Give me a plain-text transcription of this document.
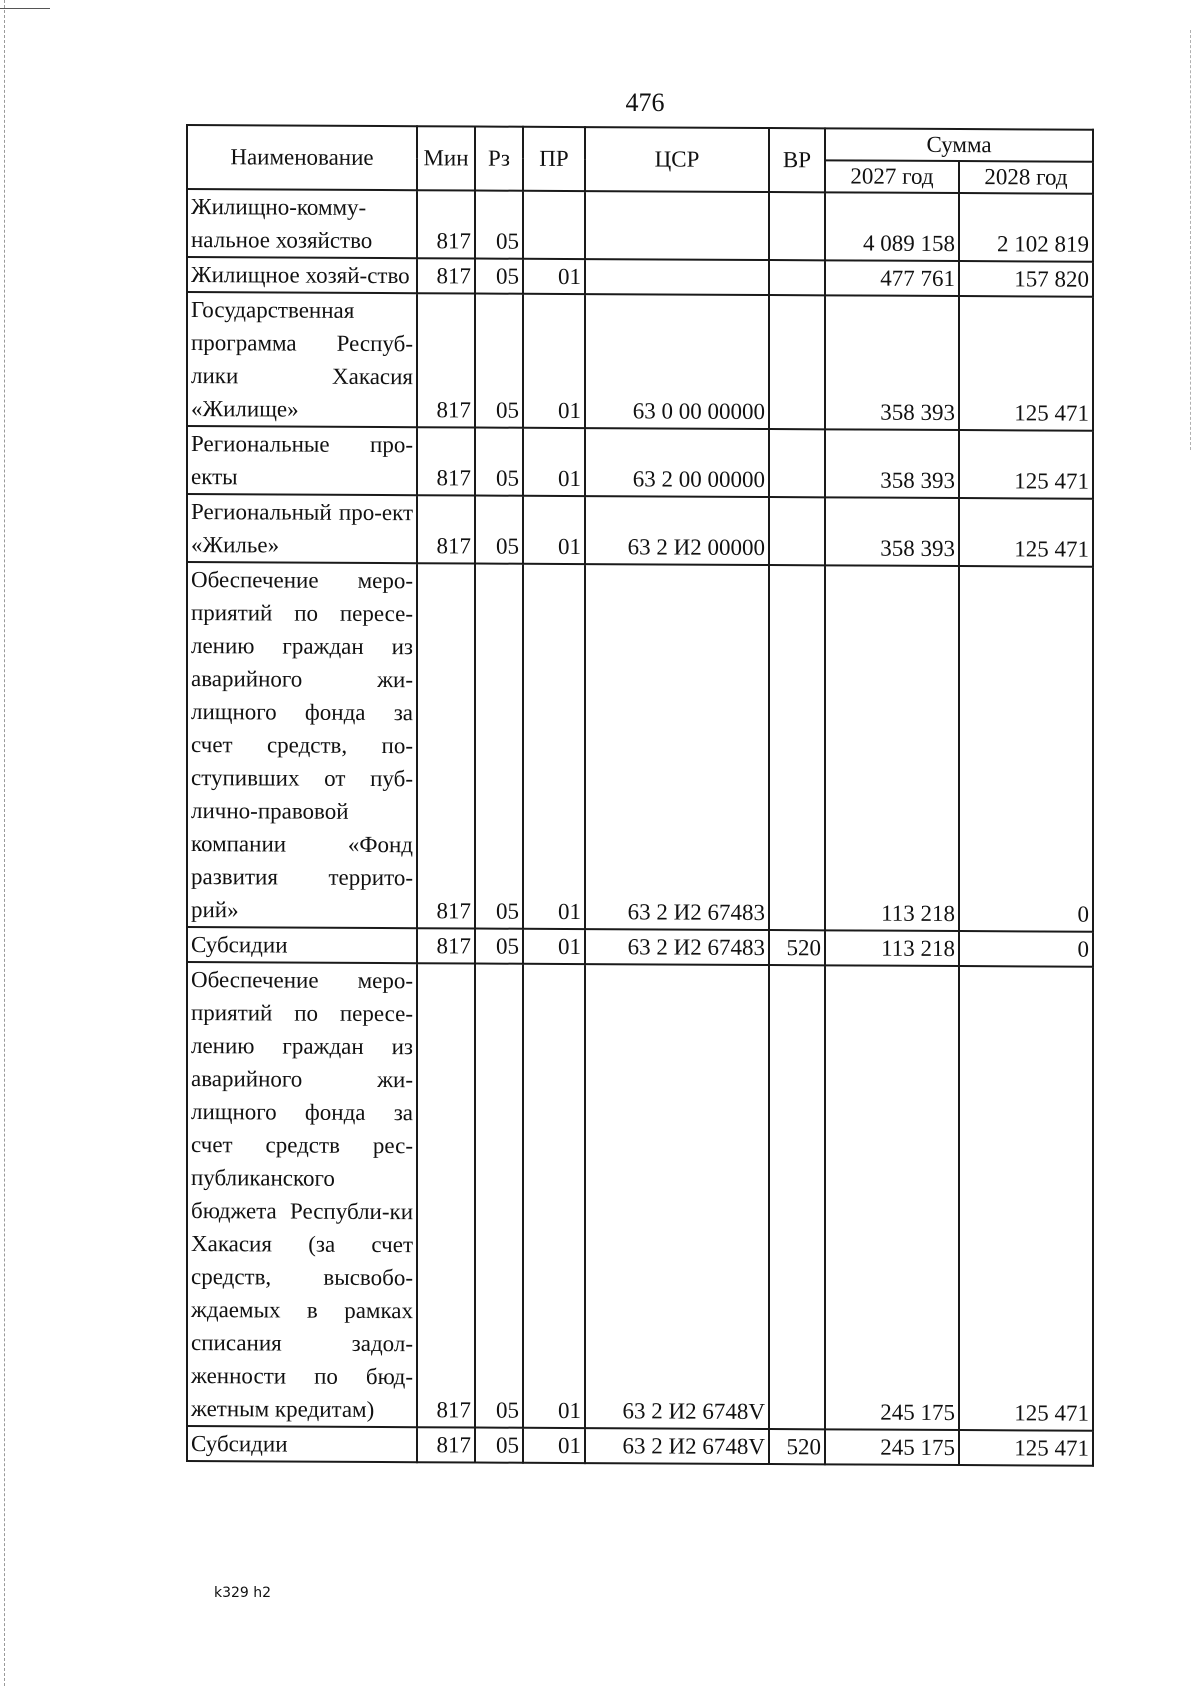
476
Наименование	Мин	Рз	ПР	ЦСР	ВР	Сумма	
						2027 год	2028 год
Жилищно-комму-нальное хозяйство	817	05				4 089 158	2 102 819
Жилищное хозяй-ство	817	05	01			477 761	157 820
Государственная программа Респуб-лики Хакасия «Жилище»	817	05	01	63 0 00 00000		358 393	125 471
Региональные про-екты	817	05	01	63 2 00 00000		358 393	125 471
Региональный про-ект «Жилье»	817	05	01	63 2 И2 00000		358 393	125 471
Обеспечение меро-приятий по пересе-лению граждан из аварийного жи-лищного фонда за счет средств, по-ступивших от пуб-лично-правовой компании «Фонд развития террито-рий»	817	05	01	63 2 И2 67483		113 218	0
Субсидии	817	05	01	63 2 И2 67483	520	113 218	0
Обеспечение меро-приятий по пересе-лению граждан из аварийного жи-лищного фонда за счет средств рес-публиканского бюджета Республи-ки Хакасия (за счет средств, высвобо-ждаемых в рамках списания задол-женности по бюд-жетным кредитам)	817	05	01	63 2 И2 6748V		245 175	125 471
Субсидии	817	05	01	63 2 И2 6748V	520	245 175	125 471
k329 h2
